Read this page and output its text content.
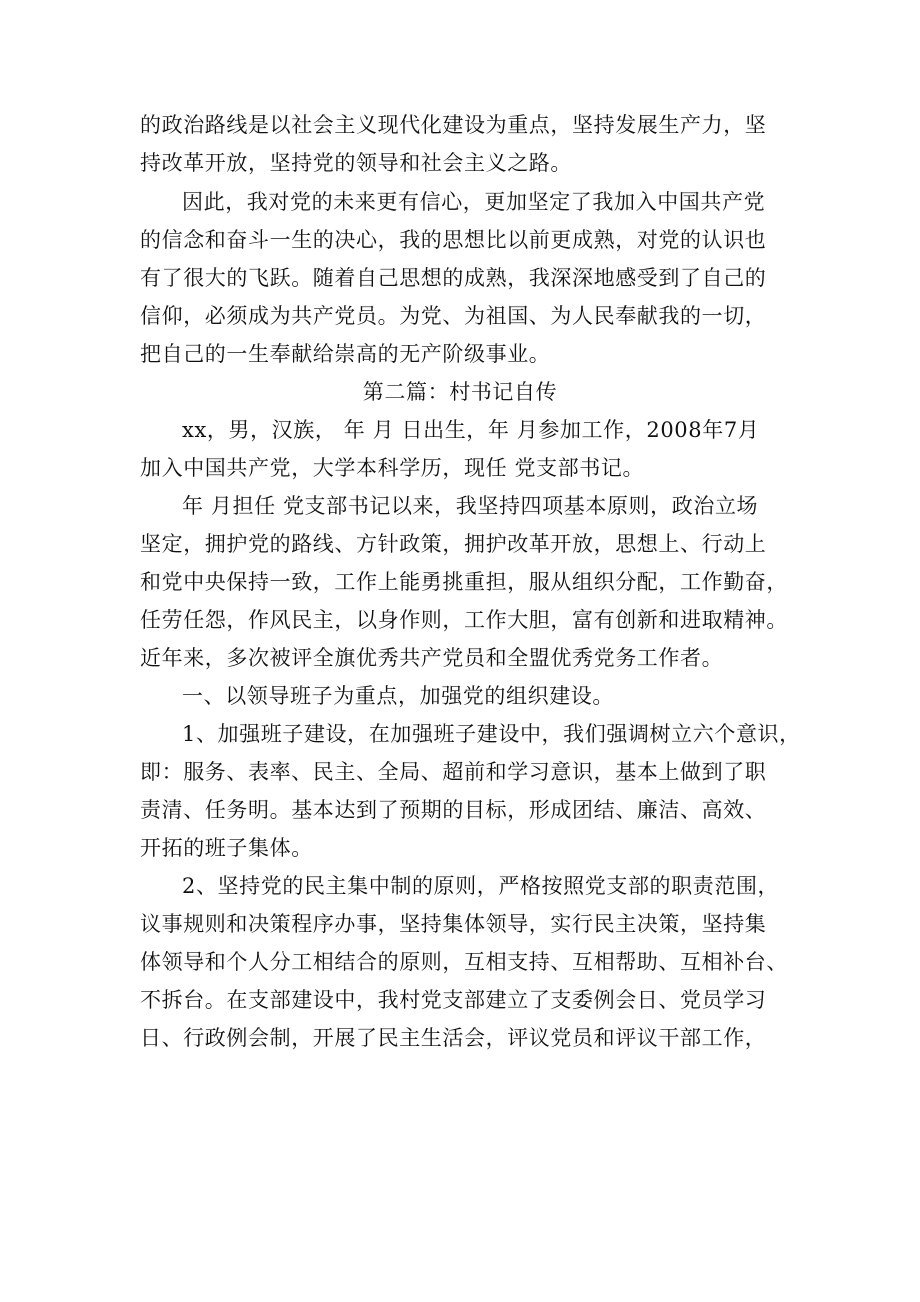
的政治路线是以社会主义现代化建设为重点，坚持发展生产力，坚
持改革开放，坚持党的领导和社会主义之路。
因此，我对党的未来更有信心，更加坚定了我加入中国共产党
的信念和奋斗一生的决心，我的思想比以前更成熟，对党的认识也
有了很大的飞跃。随着自己思想的成熟，我深深地感受到了自己的
信仰，必须成为共产党员。为党、为祖国、为人民奉献我的一切，
把自己的一生奉献给崇高的无产阶级事业。
第二篇：村书记自传
xx，男，汉族， 年 月 日出生，年 月参加工作，2008年7月
加入中国共产党，大学本科学历，现任 党支部书记。
年 月担任 党支部书记以来，我坚持四项基本原则，政治立场
坚定，拥护党的路线、方针政策，拥护改革开放，思想上、行动上
和党中央保持一致，工作上能勇挑重担，服从组织分配，工作勤奋，
任劳任怨，作风民主，以身作则，工作大胆，富有创新和进取精神。
近年来，多次被评全旗优秀共产党员和全盟优秀党务工作者。
一、以领导班子为重点，加强党的组织建设。
1、加强班子建设，在加强班子建设中，我们强调树立六个意识，
即：服务、表率、民主、全局、超前和学习意识，基本上做到了职
责清、任务明。基本达到了预期的目标，形成团结、廉洁、高效、
开拓的班子集体。
2、坚持党的民主集中制的原则，严格按照党支部的职责范围，
议事规则和决策程序办事，坚持集体领导，实行民主决策，坚持集
体领导和个人分工相结合的原则，互相支持、互相帮助、互相补台、
不拆台。在支部建设中，我村党支部建立了支委例会日、党员学习
日、行政例会制，开展了民主生活会，评议党员和评议干部工作，
